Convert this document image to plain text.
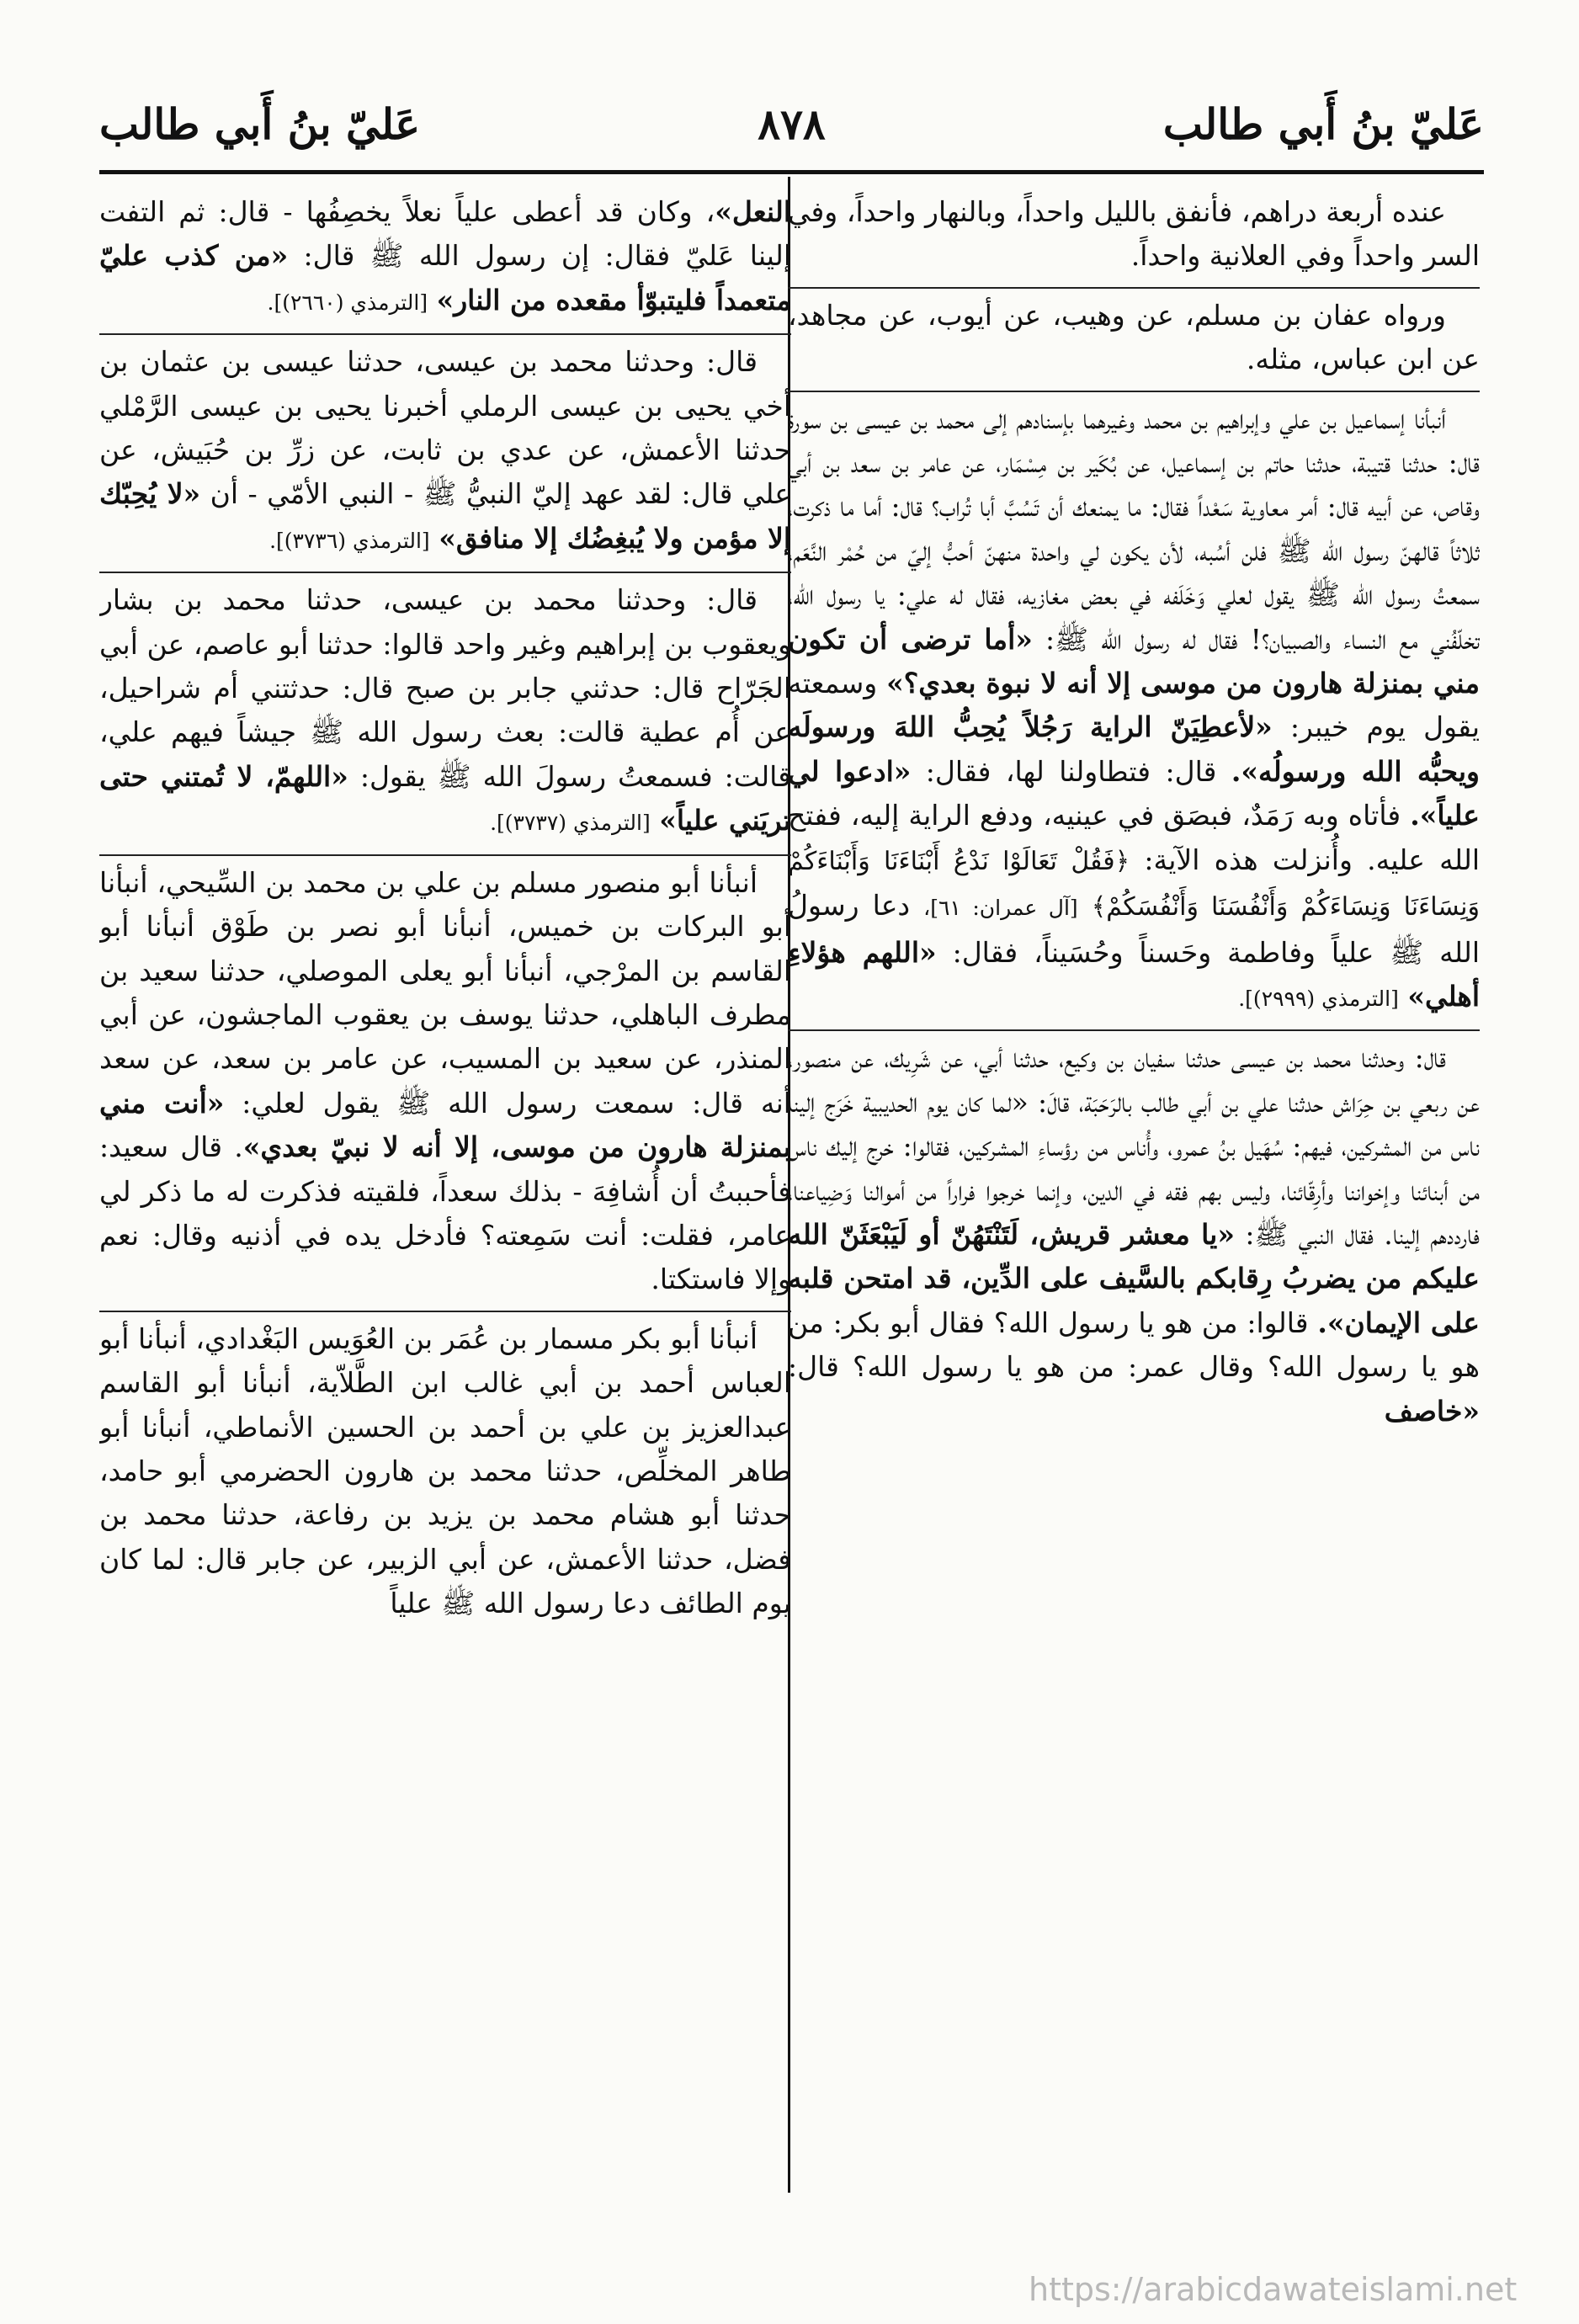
عَليّ بنُ أَبي طالب
٨٧٨
عَليّ بنُ أَبي طالب

عنده أربعة دراهم، فأنفق بالليل واحداً، وبالنهار واحداً، وفي السر واحداً وفي العلانية واحداً.

ورواه عفان بن مسلم، عن وهيب، عن أيوب، عن مجاهد، عن ابن عباس، مثله.

أنبأنا إسماعيل بن علي وإبراهيم بن محمد وغيرهما بإسنادهم إلى محمد بن عيسى بن سورة قال: حدثنا قتيبة، حدثنا حاتم بن إسماعيل، عن بُكَير بن مِسْمَار، عن عامر بن سعد بن أبي وقاص، عن أبيه قال: أمر معاوية سَعْداً فقال: ما يمنعك أن تَسُبَّ أبا تُراب؟ قال: أما ما ذكرت، ثلاثاً قالهنّ رسول الله ﷺ فلن أسُبه، لأن يكون لي واحدة منهنّ أحبُّ إليّ من حُمْر النَّعَم، سمعتُ رسول الله ﷺ يقول لعلي وَخَلَفه في بعض مغازيه، فقال له علي: يا رسول الله، تخلّفُني مع النساء والصبيان؟! فقال له رسول الله ﷺ: «أما ترضى أن تكون مني بمنزلة هارون من موسى إلا أنه لا نبوة بعدي؟» وسمعته يقول يوم خيبر: «لأعطِيَنّ الراية رَجُلاً يُحِبُّ اللهَ ورسولَه ويحبُّه الله ورسولُه». قال: فتطاولنا لها، فقال: «ادعوا لي علياً». فأتاه وبه رَمَدٌ، فبصَق في عينيه، ودفع الراية إليه، ففتح الله عليه. وأُنزلت هذه الآية: ﴿فَقُلْ تَعَالَوْا نَدْعُ أَبْنَاءَنَا وَأَبْنَاءَكُمْ وَنِسَاءَنَا وَنِسَاءَكُمْ وَأَنْفُسَنَا وَأَنْفُسَكُمْ﴾ [آل عمران: ٦١]، دعا رسولُ الله ﷺ علياً وفاطمة وحَسناً وحُسَيناً، فقال: «اللهم هؤلاءِ أهلي» [الترمذي (٢٩٩٩)].

قال: وحدثنا محمد بن عيسى حدثنا سفيان بن وكيع، حدثنا أبي، عن شَرِيك، عن منصور، عن ربعي بن حِرَاش حدثنا علي بن أبي طالب بالرَحَبَة، قالَ: «لما كان يوم الحديبية خَرَج إلينا ناس من المشركين، فيهم: سُهَيل بنُ عمرو، وأُناس من رؤساءِ المشركين، فقالوا: خرج إليك ناس من أبنائنا وإخواننا وأرِقّائنا، وليس بهم فقه في الدين، وإنما خرجوا فراراً من أموالنا وَضِياعنا، فارددهم إلينا. فقال النبي ﷺ: «يا معشر قريش، لَتَنْتَهُنّ أو لَيَبْعَثَنّ الله عليكم من يضربُ رِقابكم بالسَّيف على الدِّين، قد امتحن قلبه على الإيمان». قالوا: من هو يا رسول الله؟ فقال أبو بكر: من هو يا رسول الله؟ وقال عمر: من هو يا رسول الله؟ قال: «خاصف

النعل»، وكان قد أعطى علياً نعلاً يخصِفُها - قال: ثم التفت إلينا عَليّ فقال: إن رسول الله ﷺ قال: «من كذب عليّ متعمداً فليتبوّأ مقعده من النار» [الترمذي (٢٦٦٠)].

قال: وحدثنا محمد بن عيسى، حدثنا عيسى بن عثمان بن أخي يحيى بن عيسى الرملي أخبرنا يحيى بن عيسى الرَّمْلي حدثنا الأعمش، عن عدي بن ثابت، عن زرِّ بن حُبَيش، عن علي قال: لقد عهد إليّ النبيُّ ﷺ - النبي الأمّي - أن «لا يُحِبّك إلا مؤمن ولا يُبغِضُك إلا منافق» [الترمذي (٣٧٣٦)].

قال: وحدثنا محمد بن عيسى، حدثنا محمد بن بشار ويعقوب بن إبراهيم وغير واحد قالوا: حدثنا أبو عاصم، عن أبي الجَرّاح قال: حدثني جابر بن صبح قال: حدثتني أم شراحيل، عن أُم عطية قالت: بعث رسول الله ﷺ جيشاً فيهم علي، قالت: فسمعتُ رسولَ الله ﷺ يقول: «اللهمّ، لا تُمتني حتى تريَني علياً» [الترمذي (٣٧٣٧)].

أنبأنا أبو منصور مسلم بن علي بن محمد بن السِّيحي، أنبأنا أبو البركات بن خميس، أنبأنا أبو نصر بن طَوْق أنبأنا أبو القاسم بن المرْجي، أنبأنا أبو يعلى الموصلي، حدثنا سعيد بن مطرف الباهلي، حدثنا يوسف بن يعقوب الماجشون، عن أبي المنذر، عن سعيد بن المسيب، عن عامر بن سعد، عن سعد أنه قال: سمعت رسول الله ﷺ يقول لعلي: «أنت مني بمنزلة هارون من موسى، إلا أنه لا نبيّ بعدي». قال سعيد: فأحببتُ أن أُشافِهَ - بذلك سعداً، فلقيته فذكرت له ما ذكر لي عامر، فقلت: أنت سَمِعته؟ فأدخل يده في أذنيه وقال: نعم وإلا فاستكتا.

أنبأنا أبو بكر مسمار بن عُمَر بن العُوَيس البَغْدادي، أنبأنا أبو العباس أحمد بن أبي غالب ابن الطَّلاّية، أنبأنا أبو القاسم عبدالعزيز بن علي بن أحمد بن الحسين الأنماطي، أنبأنا أبو طاهر المخلِّص، حدثنا محمد بن هارون الحضرمي أبو حامد، حدثنا أبو هشام محمد بن يزيد بن رفاعة، حدثنا محمد بن فضل، حدثنا الأعمش، عن أبي الزبير، عن جابر قال: لما كان يوم الطائف دعا رسول الله ﷺ علياً

https://arabicdawateislami.net
